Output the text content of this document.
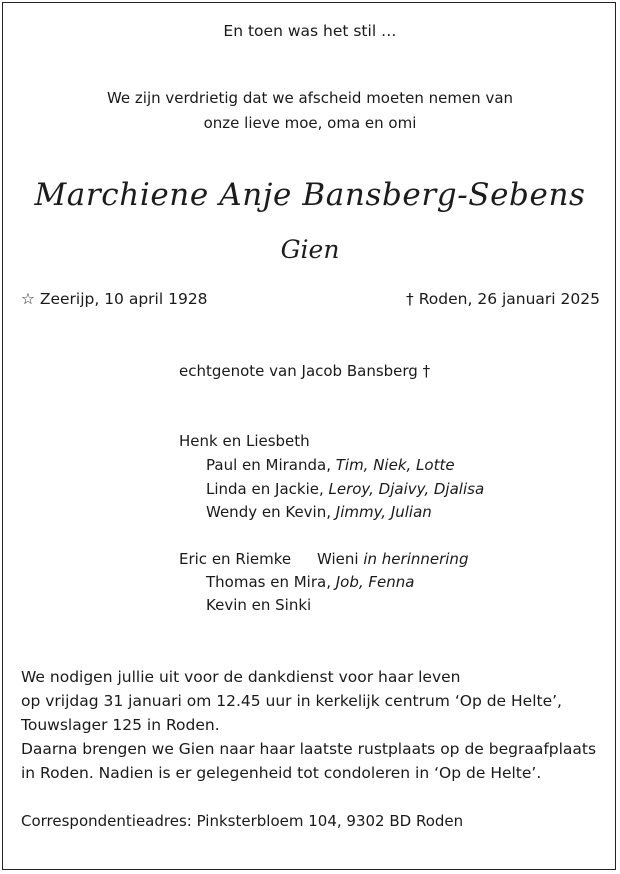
En toen was het stil …
We zijn verdrietig dat we afscheid moeten nemen van
onze lieve moe, oma en omi
Marchiene Anje Bansberg-Sebens
Gien
☆ Zeerijp, 10 april 1928	† Roden, 26 januari 2025
echtgenote van Jacob Bansberg †
Henk en Liesbeth
Paul en Miranda, Tim, Niek, Lotte
Linda en Jackie, Leroy, Djaivy, Djalisa
Wendy en Kevin, Jimmy, Julian
Eric en Riemke Wieni in herinnering
Thomas en Mira, Job, Fenna
Kevin en Sinki
We nodigen jullie uit voor de dankdienst voor haar leven
op vrijdag 31 januari om 12.45 uur in kerkelijk centrum ‘Op de Helte’,
Touwslager 125 in Roden.
Daarna brengen we Gien naar haar laatste rustplaats op de begraafplaats
in Roden. Nadien is er gelegenheid tot condoleren in ‘Op de Helte’.
Correspondentieadres: Pinksterbloem 104, 9302 BD Roden
